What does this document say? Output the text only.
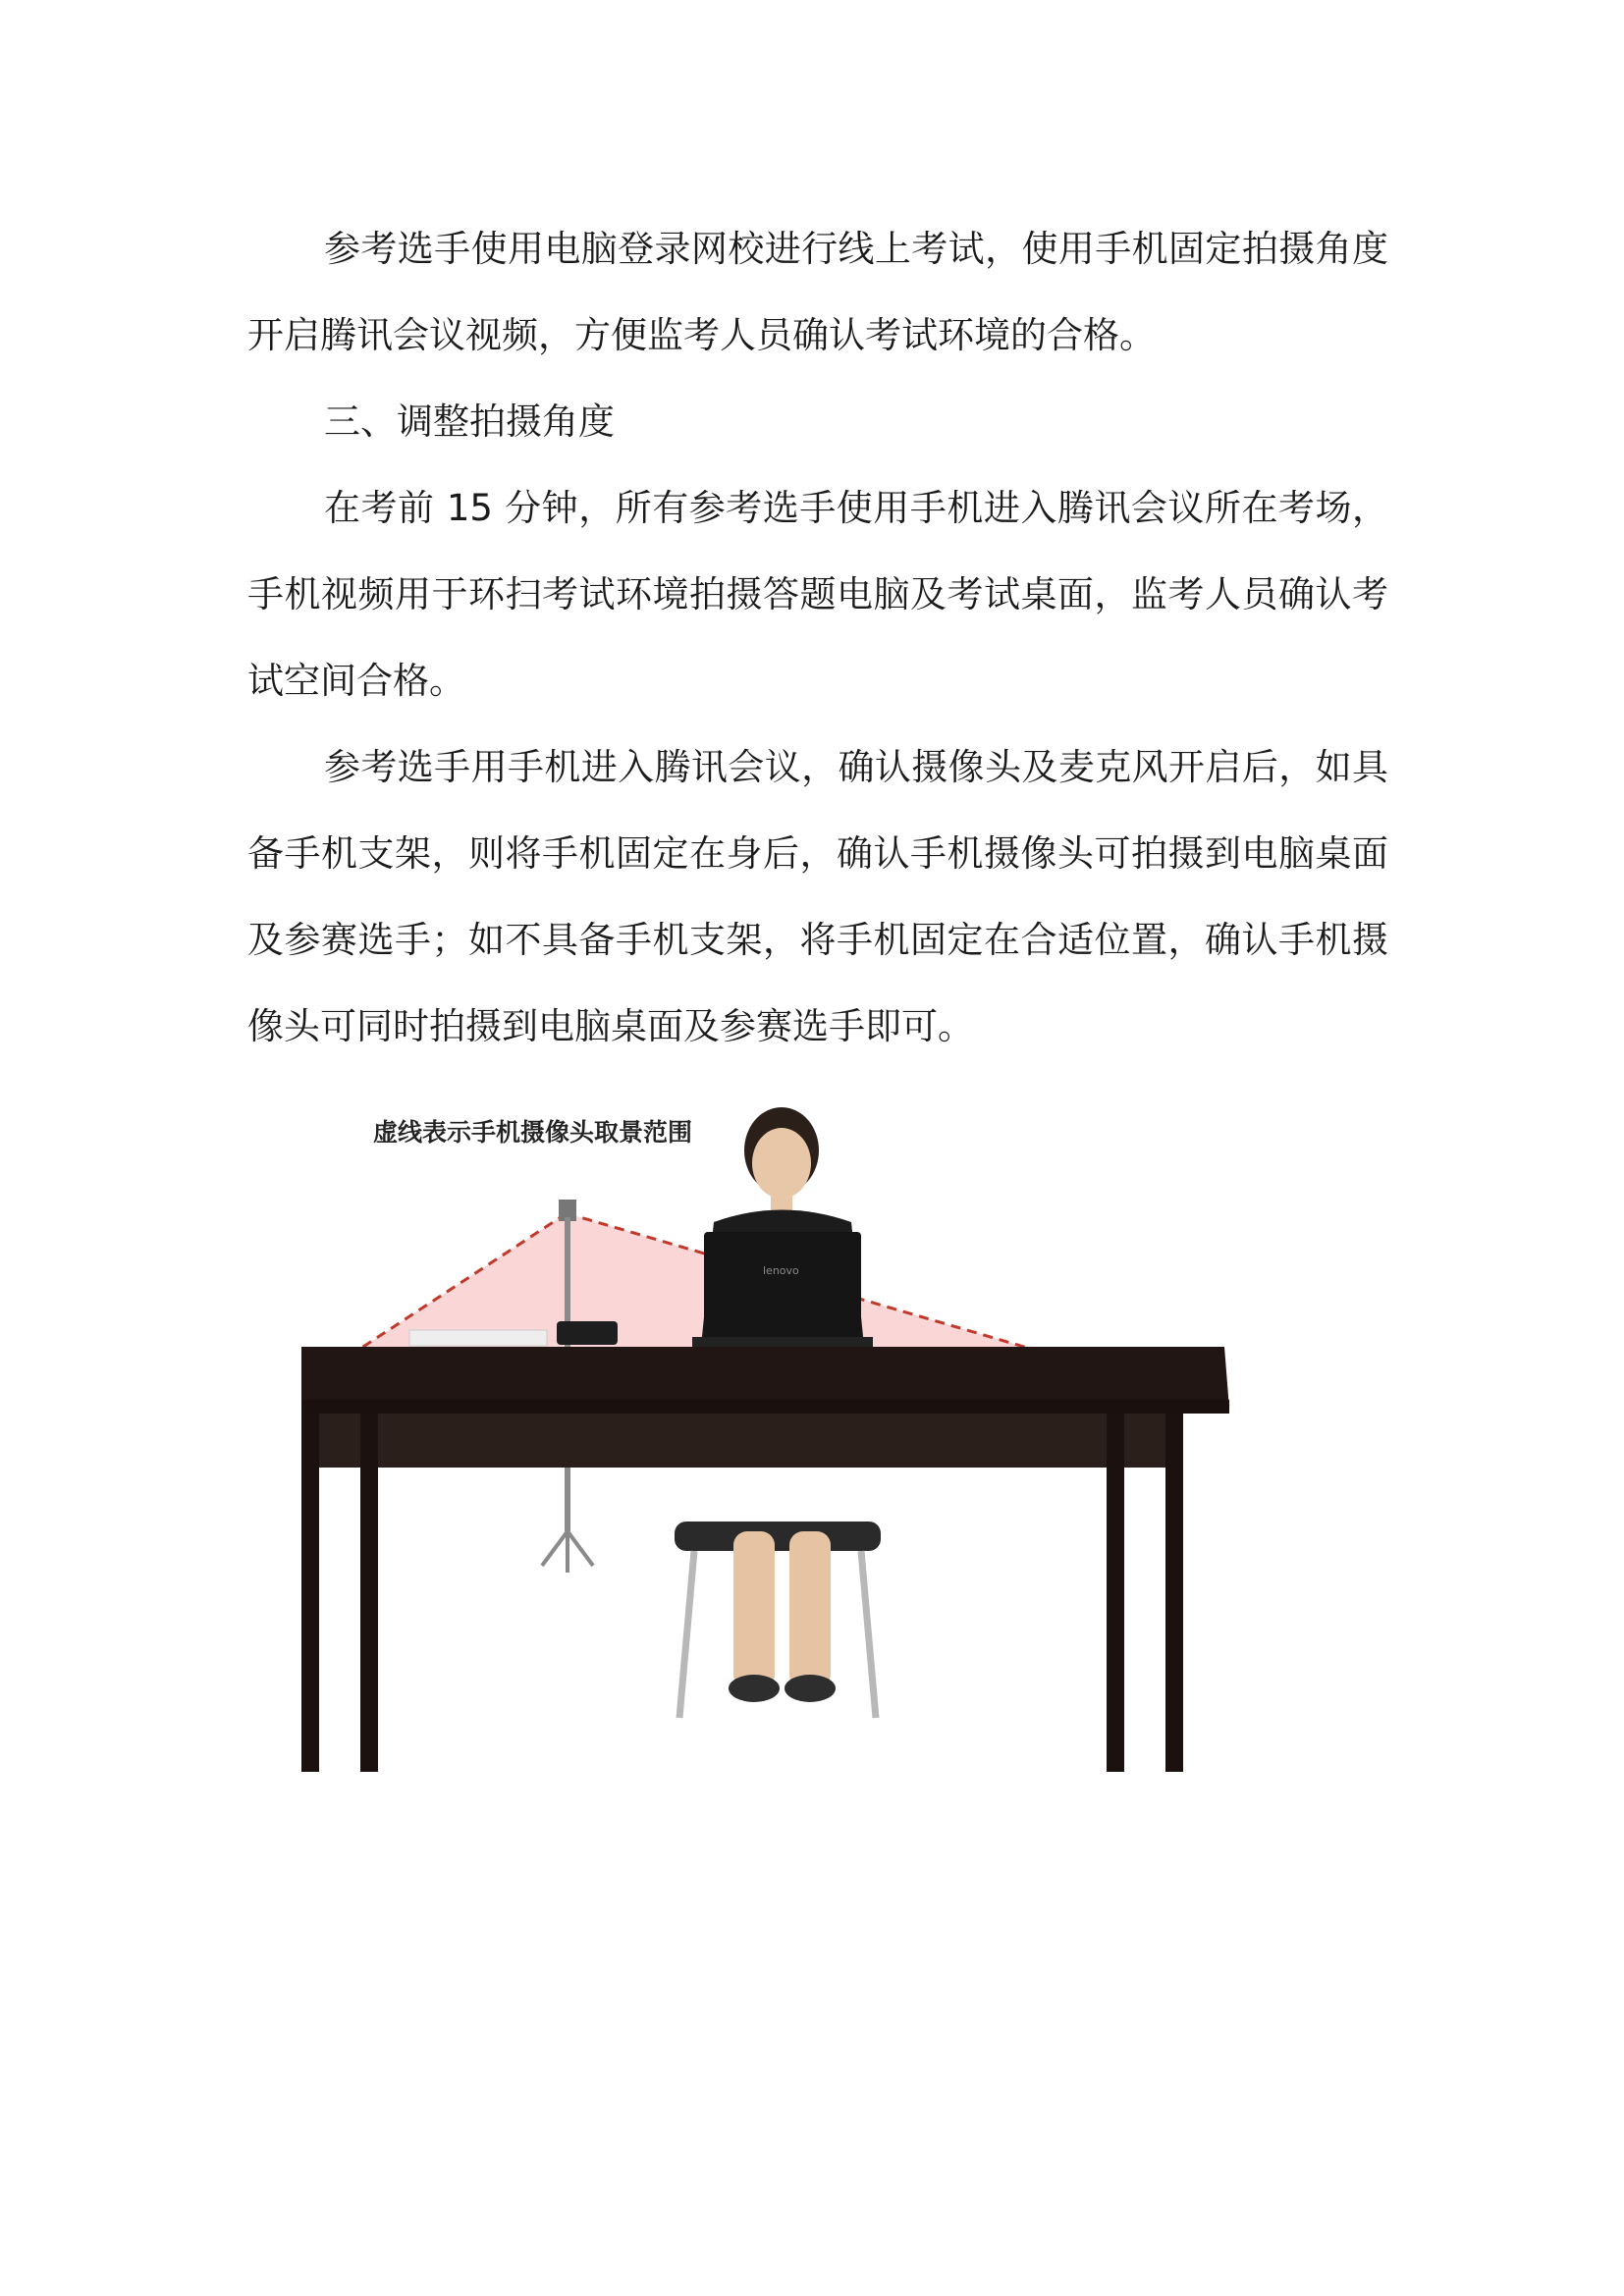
参考选手使用电脑登录网校进行线上考试，使用手机固定拍摄角度开启腾讯会议视频，方便监考人员确认考试环境的合格。

三、调整拍摄角度

在考前 15 分钟，所有参考选手使用手机进入腾讯会议所在考场，手机视频用于环扫考试环境拍摄答题电脑及考试桌面，监考人员确认考试空间合格。

参考选手用手机进入腾讯会议，确认摄像头及麦克风开启后，如具备手机支架，则将手机固定在身后，确认手机摄像头可拍摄到电脑桌面及参赛选手；如不具备手机支架，将手机固定在合适位置，确认手机摄像头可同时拍摄到电脑桌面及参赛选手即可。

虚线表示手机摄像头取景范围
lenovo
